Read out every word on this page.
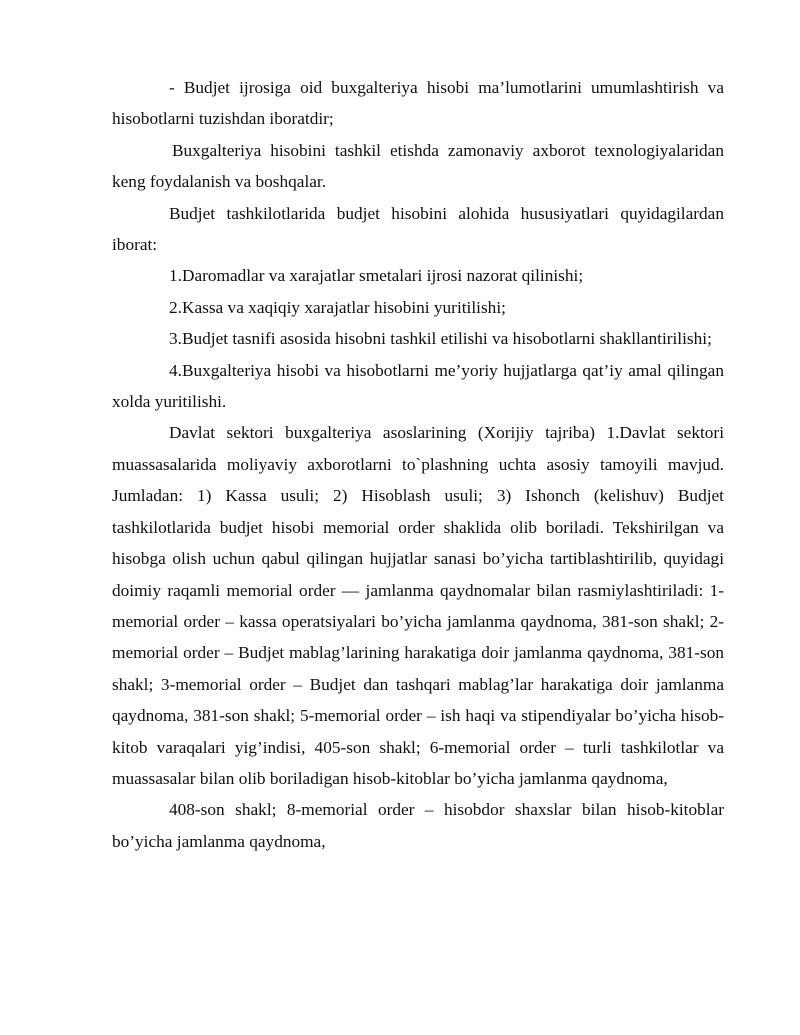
- Budjet ijrosiga oid buxgalteriya hisobi ma’lumotlarini umumlashtirish va hisobotlarni tuzishdan iboratdir;

Buxgalteriya hisobini tashkil etishda zamonaviy axborot texnologiyalaridan keng foydalanish va boshqalar.

Budjet tashkilotlarida budjet hisobini alohida hususiyatlari quyidagilardan iborat:

1.Daromadlar va xarajatlar smetalari ijrosi nazorat qilinishi;

2.Kassa va xaqiqiy xarajatlar hisobini yuritilishi;

3.Budjet tasnifi asosida hisobni tashkil etilishi va hisobotlarni shakllantirilishi;

4.Buxgalteriya hisobi va hisobotlarni me’yoriy hujjatlarga qat’iy amal qilingan xolda yuritilishi.

Davlat sektori buxgalteriya asoslarining (Xorijiy tajriba) 1.Davlat sektori muassasalarida moliyaviy axborotlarni to`plashning uchta asosiy tamoyili mavjud. Jumladan: 1) Kassa usuli; 2) Hisoblash usuli; 3) Ishonch (kelishuv) Budjet tashkilotlarida budjet hisobi memorial order shaklida olib boriladi. Tekshirilgan va hisobga olish uchun qabul qilingan hujjatlar sanasi bo’yicha tartiblashtirilib, quyidagi doimiy raqamli memorial order — jamlanma qaydnomalar bilan rasmiylashtiriladi: 1-memorial order – kassa operatsiyalari bo’yicha jamlanma qaydnoma, 381-son shakl; 2-memorial order – Budjet mablag’larining harakatiga doir jamlanma qaydnoma, 381-son shakl; 3-memorial order – Budjet dan tashqari mablag’lar harakatiga doir jamlanma qaydnoma, 381-son shakl; 5-memorial order – ish haqi va stipendiyalar bo’yicha hisob-kitob varaqalari yig’indisi, 405-son shakl; 6-memorial order – turli tashkilotlar va muassasalar bilan olib boriladigan hisob-kitoblar bo’yicha jamlanma qaydnoma,

408-son shakl; 8-memorial order – hisobdor shaxslar bilan hisob-kitoblar bo’yicha jamlanma qaydnoma,
